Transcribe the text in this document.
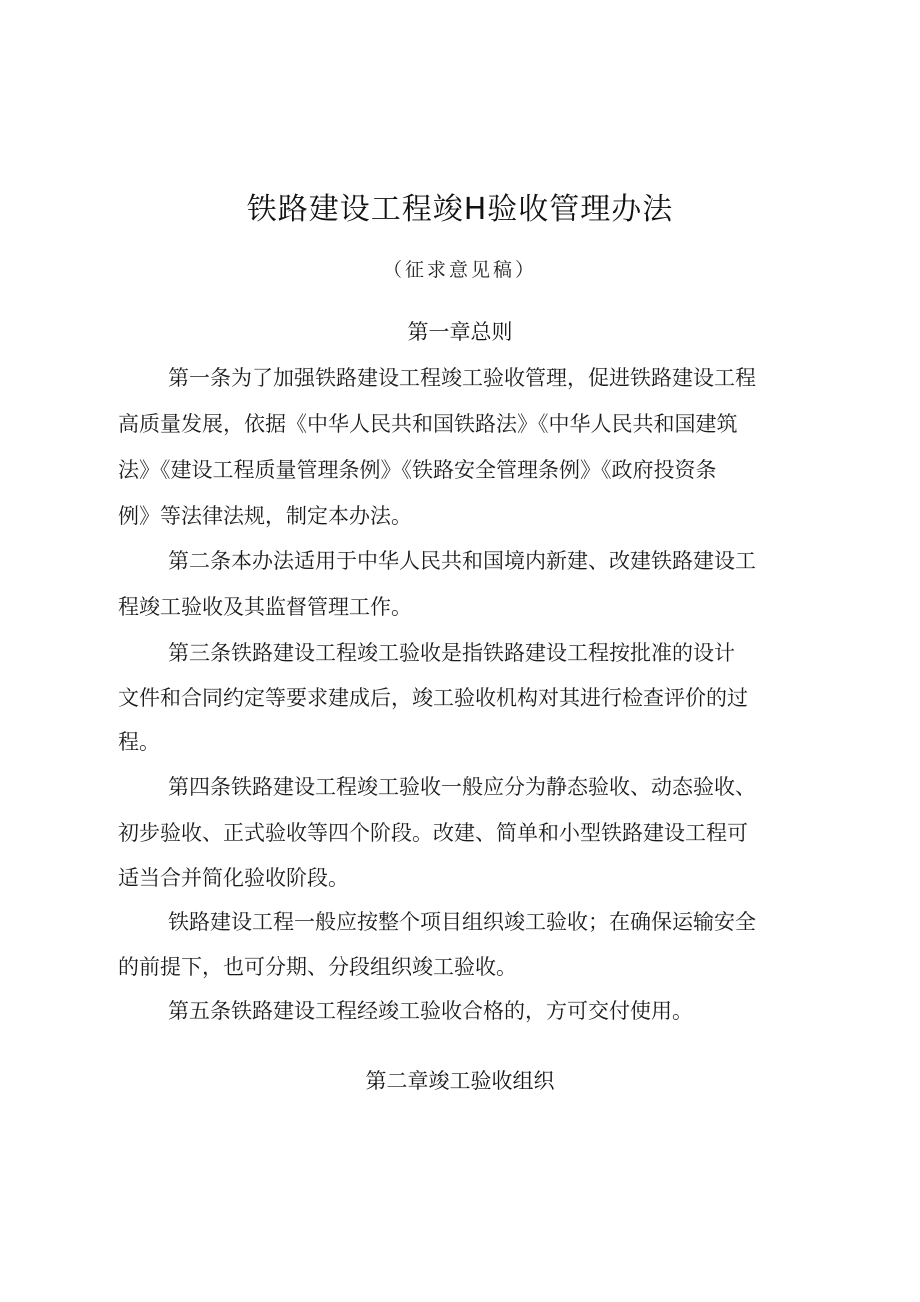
铁路建设工程竣H验收管理办法
（征求意见稿）
第一章总则
第一条为了加强铁路建设工程竣工验收管理，促进铁路建设工程
高质量发展，依据《中华人民共和国铁路法》《中华人民共和国建筑
法》《建设工程质量管理条例》《铁路安全管理条例》《政府投资条
例》等法律法规，制定本办法。
第二条本办法适用于中华人民共和国境内新建、改建铁路建设工
程竣工验收及其监督管理工作。
第三条铁路建设工程竣工验收是指铁路建设工程按批准的设计
文件和合同约定等要求建成后，竣工验收机构对其进行检查评价的过
程。
第四条铁路建设工程竣工验收一般应分为静态验收、动态验收、
初步验收、正式验收等四个阶段。改建、简单和小型铁路建设工程可
适当合并简化验收阶段。
铁路建设工程一般应按整个项目组织竣工验收；在确保运输安全
的前提下，也可分期、分段组织竣工验收。
第五条铁路建设工程经竣工验收合格的，方可交付使用。
第二章竣工验收组织
